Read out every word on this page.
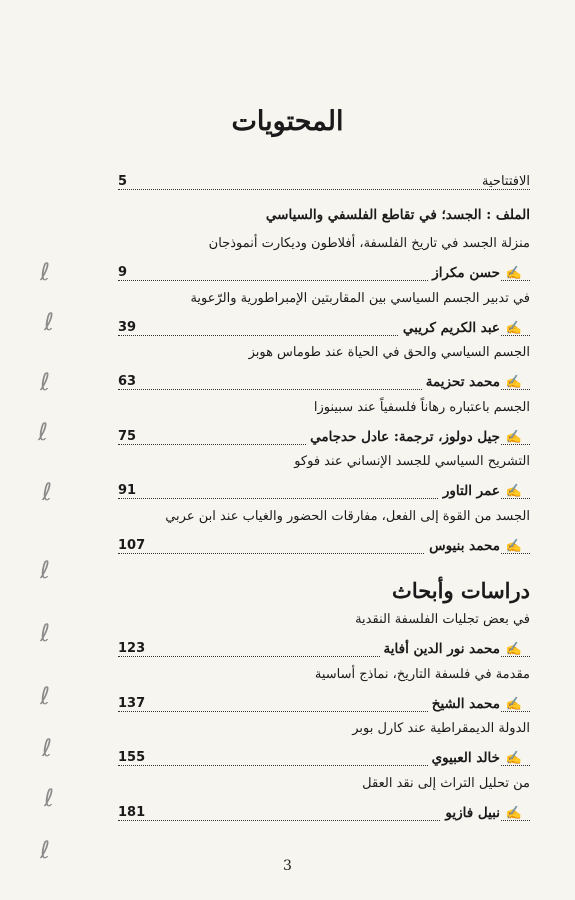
المحتويات
الافتتاحية
5
الملف : الجسد؛ في تقاطع الفلسفي والسياسي
منزلة الجسد في تاريخ الفلسفة، أفلاطون وديكارت أنموذجان
✍
حسن مكراز
9
في تدبير الجسم السياسي بين المقاربتين الإمبراطورية والرّعوية
✍
عبد الكريم كريبي
39
الجسم السياسي والحق في الحياة عند طوماس هوبز
✍
محمد تحزيمة
63
الجسم باعتباره رهاناً فلسفياً عند سبينوزا
✍
جيل دولوز، ترجمة: عادل حدجامي
75
التشريح السياسي للجسد الإنساني عند فوكو
✍
عمر التاور
91
الجسد من القوة إلى الفعل، مفارقات الحضور والغياب عند ابن عربي
✍
محمد بنيوس
107
دراسات وأبحاث
في بعض تجليات الفلسفة النقدية
✍
محمد نور الدين أفاية
123
مقدمة في فلسفة التاريخ، نماذج أساسية
✍
محمد الشيخ
137
الدولة الديمقراطية عند كارل بوبر
✍
خالد العبيوي
155
من تحليل التراث إلى نقد العقل
✍
نبيل فازيو
181
3
ℓ
ℓ
ℓ
ℓ
ℓ
ℓ
ℓ
ℓ
ℓ
ℓ
ℓ
